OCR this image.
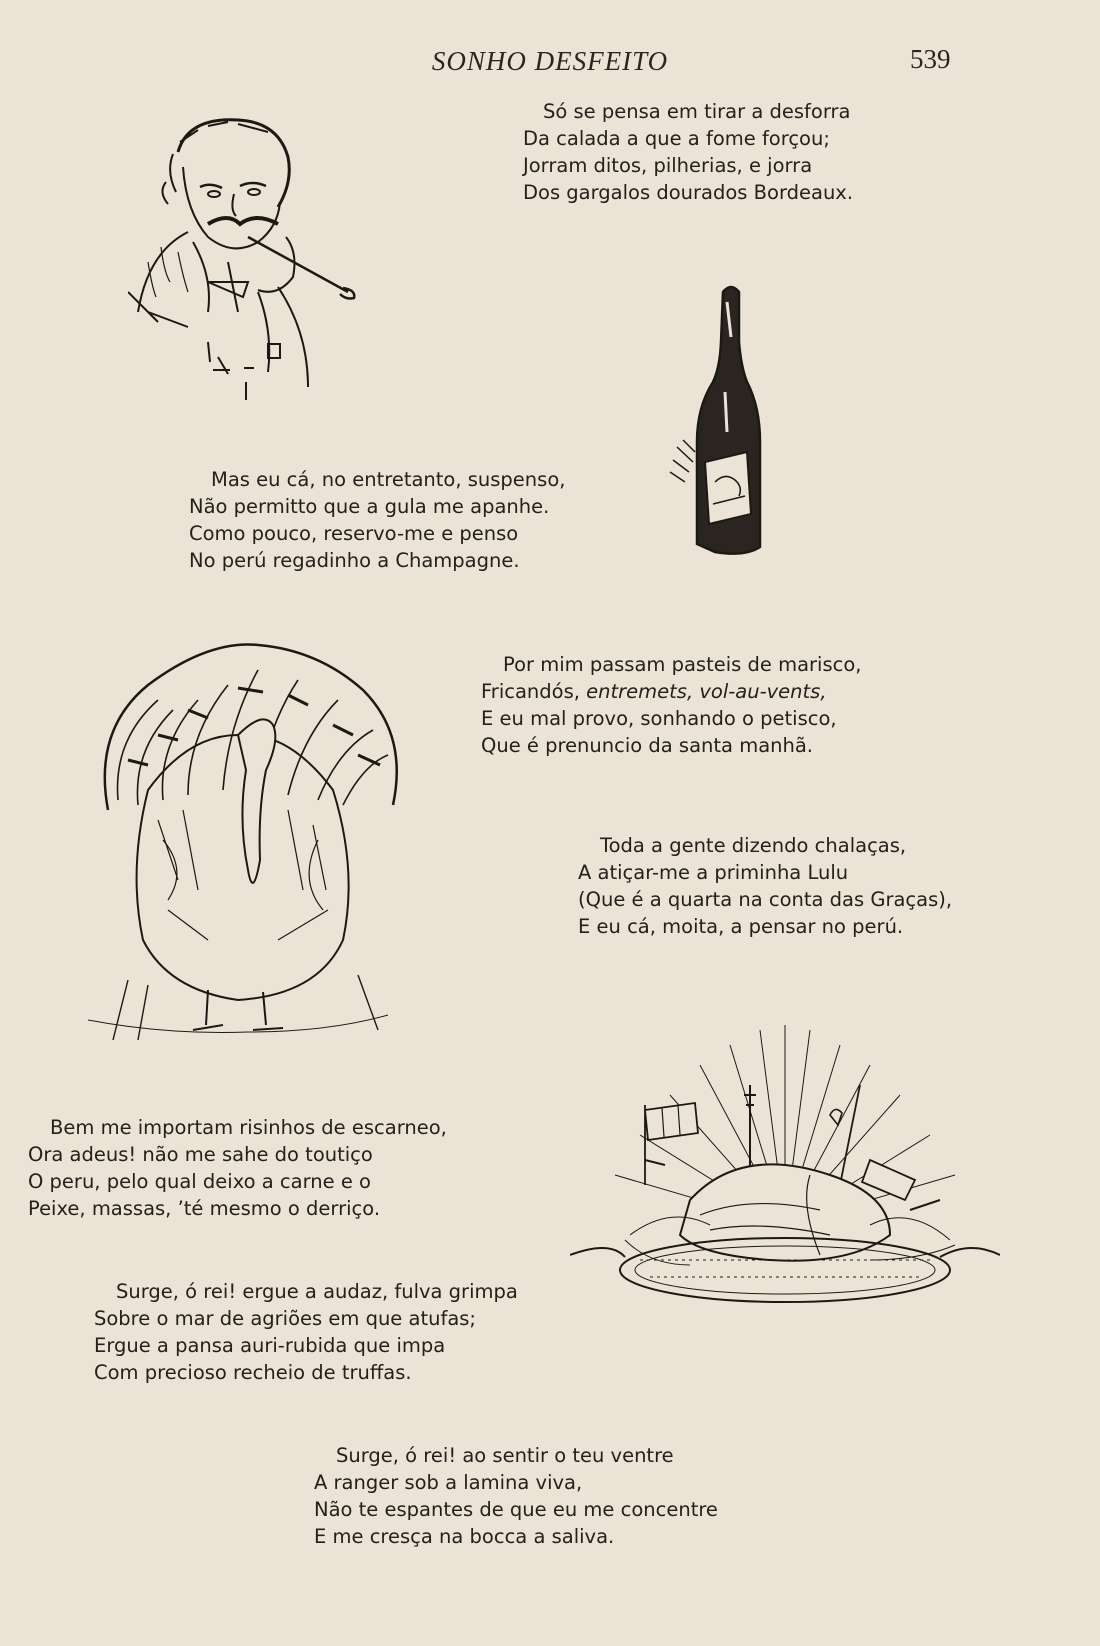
SONHO DESFEITO	539
Só se pensa em tirar a desforra
Da calada a que a fome forçou;
Jorram ditos, pilherias, e jorra
Dos gargalos dourados Bordeaux.
Mas eu cá, no entretanto, suspenso,
Não permitto que a gula me apanhe.
Como pouco, reservo-me e penso
No perú regadinho a Champagne.
Por mim passam pasteis de marisco,
Fricandós, entremets, vol-au-vents,
E eu mal provo, sonhando o petisco,
Que é prenuncio da santa manhã.
Toda a gente dizendo chalaças,
A atiçar-me a priminha Lulu
(Que é a quarta na conta das Graças),
E eu cá, moita, a pensar no perú.
Bem me importam risinhos de escarneo,
Ora adeus! não me sahe do toutiço
O peru, pelo qual deixo a carne e o
Peixe, massas, ’té mesmo o derriço.
Surge, ó rei! ergue a audaz, fulva grimpa
Sobre o mar de agriões em que atufas;
Ergue a pansa auri-rubida que impa
Com precioso recheio de truffas.
Surge, ó rei! ao sentir o teu ventre
A ranger sob a lamina viva,
Não te espantes de que eu me concentre
E me cresça na bocca a saliva.
